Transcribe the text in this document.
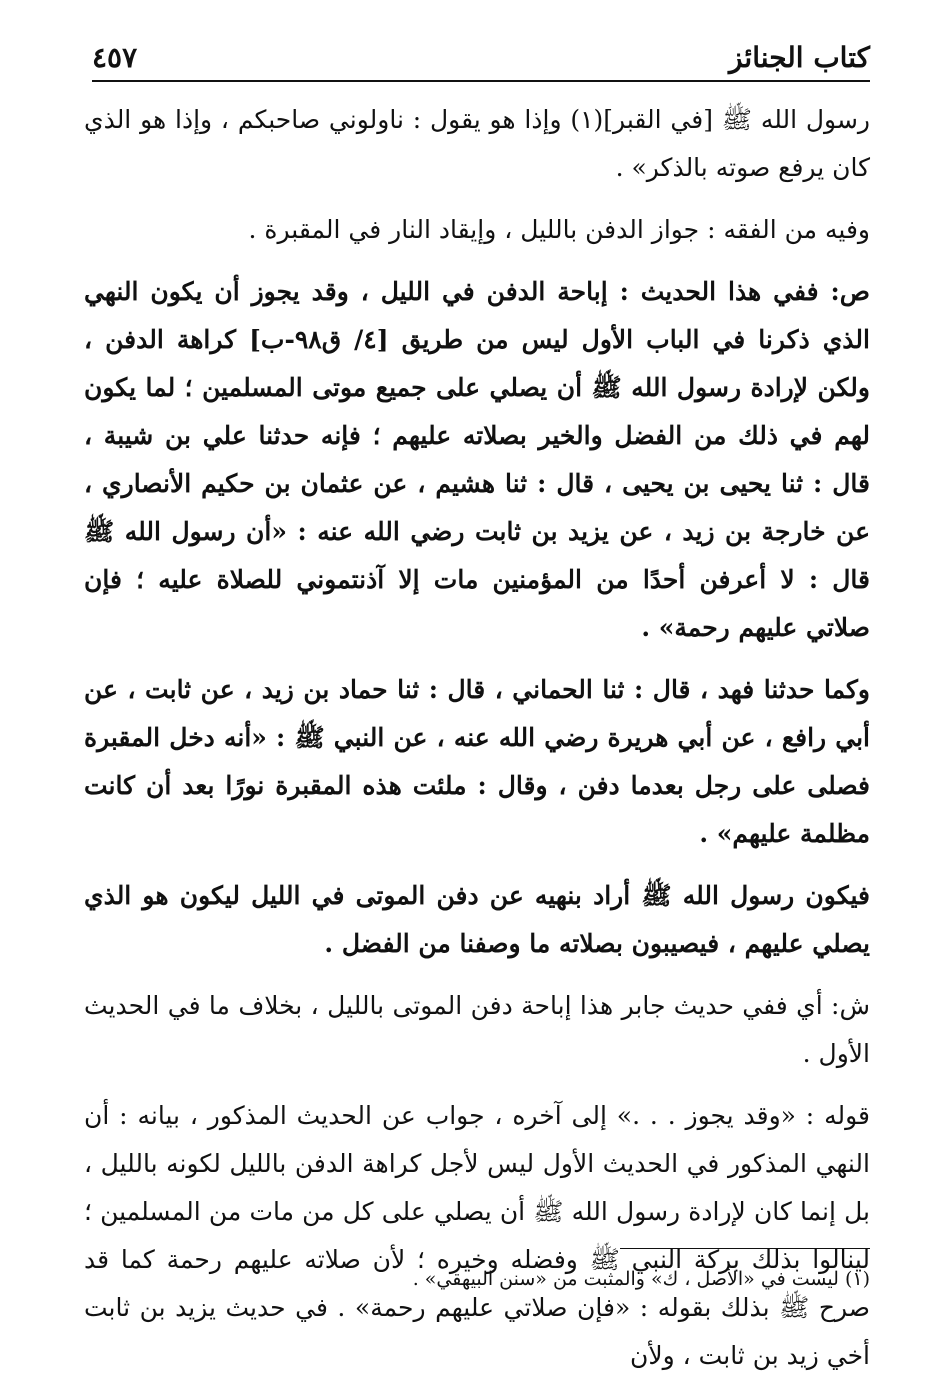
٤٥٧	كتاب الجنائز

رسول الله ﷺ [في القبر](١) وإذا هو يقول : ناولوني صاحبكم ، وإذا هو الذي كان يرفع صوته بالذكر» .

وفيه من الفقه : جواز الدفن بالليل ، وإيقاد النار في المقبرة .

ص: ففي هذا الحديث : إباحة الدفن في الليل ، وقد يجوز أن يكون النهي الذي ذكرنا في الباب الأول ليس من طريق [٤/ ق٩٨-ب] كراهة الدفن ، ولكن لإرادة رسول الله ﷺ أن يصلي على جميع موتى المسلمين ؛ لما يكون لهم في ذلك من الفضل والخير بصلاته عليهم ؛ فإنه حدثنا علي بن شيبة ، قال : ثنا يحيى بن يحيى ، قال : ثنا هشيم ، عن عثمان بن حكيم الأنصاري ، عن خارجة بن زيد ، عن يزيد بن ثابت رضي الله عنه : «أن رسول الله ﷺ قال : لا أعرفن أحدًا من المؤمنين مات إلا آذنتموني للصلاة عليه ؛ فإن صلاتي عليهم رحمة» .

وكما حدثنا فهد ، قال : ثنا الحماني ، قال : ثنا حماد بن زيد ، عن ثابت ، عن أبي رافع ، عن أبي هريرة رضي الله عنه ، عن النبي ﷺ : «أنه دخل المقبرة فصلى على رجل بعدما دفن ، وقال : ملئت هذه المقبرة نورًا بعد أن كانت مظلمة عليهم» .

فيكون رسول الله ﷺ أراد بنهيه عن دفن الموتى في الليل ليكون هو الذي يصلي عليهم ، فيصيبون بصلاته ما وصفنا من الفضل .

ش: أي ففي حديث جابر هذا إباحة دفن الموتى بالليل ، بخلاف ما في الحديث الأول .

قوله : «وقد يجوز . . .» إلى آخره ، جواب عن الحديث المذكور ، بيانه : أن النهي المذكور في الحديث الأول ليس لأجل كراهة الدفن بالليل لكونه بالليل ، بل إنما كان لإرادة رسول الله ﷺ أن يصلي على كل من مات من المسلمين ؛ لينالوا بذلك بركة النبي ﷺ وفضله وخيره ؛ لأن صلاته عليهم رحمة كما قد صرح ﷺ بذلك بقوله : «فإن صلاتي عليهم رحمة» . في حديث يزيد بن ثابت أخي زيد بن ثابت ، ولأن

(١) ليست في «الأصل ، ك» والمثبت من «سنن البيهقي» .
